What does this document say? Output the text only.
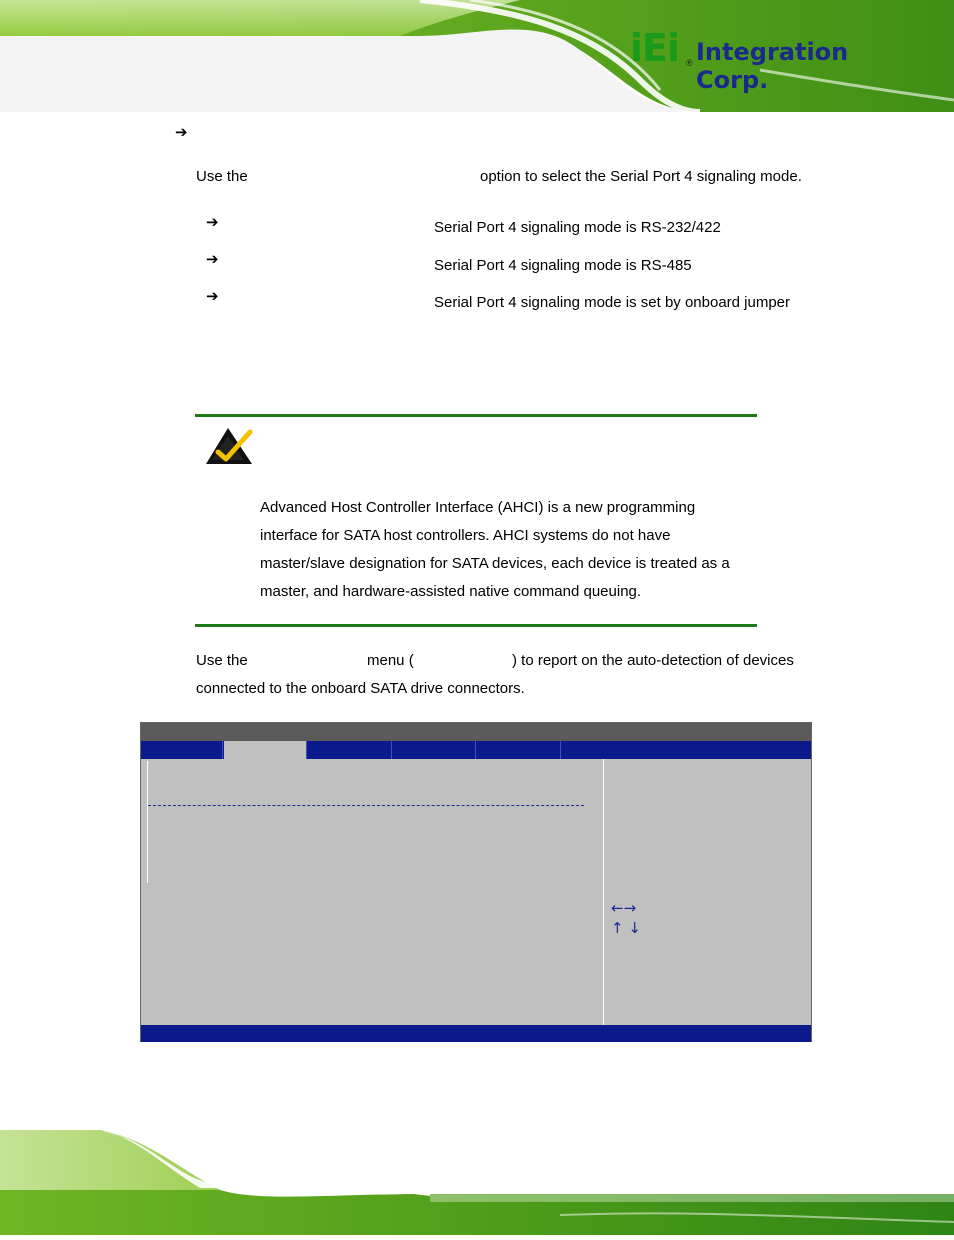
iEi ® Integration Corp.
➔
Use the	option to select the Serial Port 4 signaling mode.
➔	Serial Port 4 signaling mode is RS-232/422
➔	Serial Port 4 signaling mode is RS-485
➔	Serial Port 4 signaling mode is set by onboard jumper
Advanced Host Controller Interface (AHCI) is a new programming
interface for SATA host controllers. AHCI systems do not have
master/slave designation for SATA devices, each device is treated as a
master, and hardware-assisted native command queuing.
Use the	menu (	) to report on the auto-detection of devices
connected to the onboard SATA drive connectors.
←→
↑ ↓
